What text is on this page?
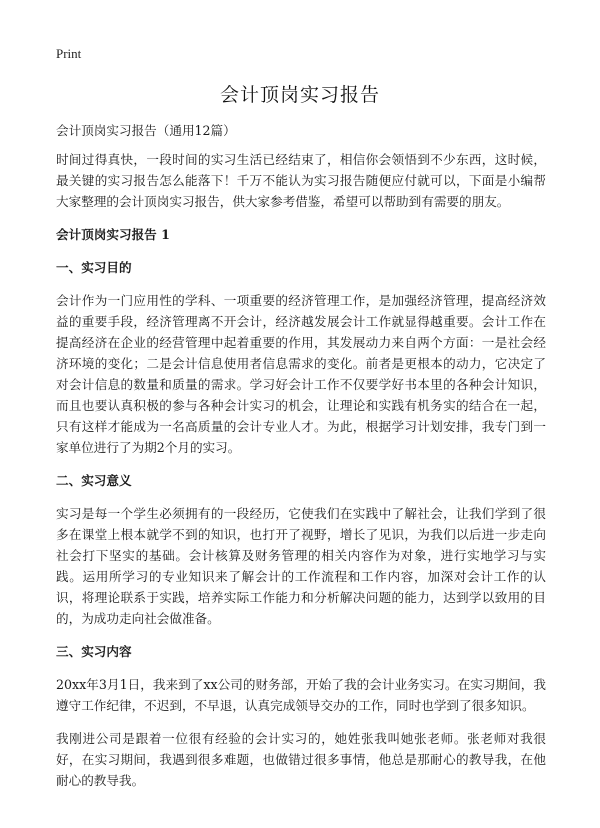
Print
会计顶岗实习报告

会计顶岗实习报告（通用12篇）

时间过得真快，一段时间的实习生活已经结束了，相信你会领悟到不少东西，这时候，最关键的实习报告怎么能落下！千万不能认为实习报告随便应付就可以，下面是小编帮大家整理的会计顶岗实习报告，供大家参考借鉴，希望可以帮助到有需要的朋友。

会计顶岗实习报告 1

一、实习目的

会计作为一门应用性的学科、一项重要的经济管理工作，是加强经济管理，提高经济效益的重要手段，经济管理离不开会计，经济越发展会计工作就显得越重要。会计工作在提高经济在企业的经营管理中起着重要的作用，其发展动力来自两个方面：一是社会经济环境的变化；二是会计信息使用者信息需求的变化。前者是更根本的动力，它决定了对会计信息的数量和质量的需求。学习好会计工作不仅要学好书本里的各种会计知识，而且也要认真积极的参与各种会计实习的机会，让理论和实践有机务实的结合在一起，只有这样才能成为一名高质量的会计专业人才。为此，根据学习计划安排，我专门到一家单位进行了为期2个月的实习。

二、实习意义

实习是每一个学生必须拥有的一段经历，它使我们在实践中了解社会，让我们学到了很多在课堂上根本就学不到的知识，也打开了视野，增长了见识，为我们以后进一步走向社会打下坚实的基础。会计核算及财务管理的相关内容作为对象，进行实地学习与实践。运用所学习的专业知识来了解会计的工作流程和工作内容，加深对会计工作的认识，将理论联系于实践，培养实际工作能力和分析解决问题的能力，达到学以致用的目的，为成功走向社会做准备。

三、实习内容

20xx年3月1日，我来到了xx公司的财务部，开始了我的会计业务实习。在实习期间，我遵守工作纪律，不迟到，不早退，认真完成领导交办的工作，同时也学到了很多知识。

我刚进公司是跟着一位很有经验的会计实习的，她姓张我叫她张老师。张老师对我很好，在实习期间，我遇到很多难题，也做错过很多事情，他总是那耐心的教导我，在他耐心的教导我。
